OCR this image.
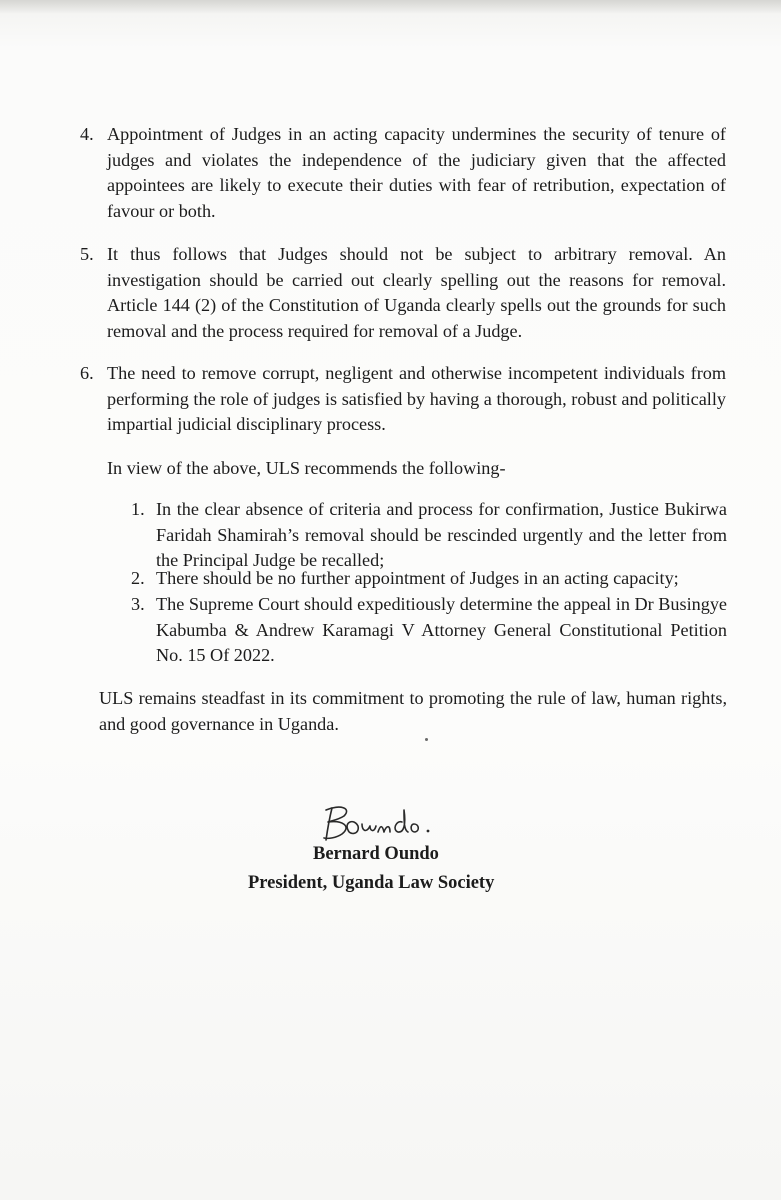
4. Appointment of Judges in an acting capacity undermines the security of tenure of judges and violates the independence of the judiciary given that the affected appointees are likely to execute their duties with fear of retribution, expectation of favour or both.
5. It thus follows that Judges should not be subject to arbitrary removal. An investigation should be carried out clearly spelling out the reasons for removal. Article 144 (2) of the Constitution of Uganda clearly spells out the grounds for such removal and the process required for removal of a Judge.
6. The need to remove corrupt, negligent and otherwise incompetent individuals from performing the role of judges is satisfied by having a thorough, robust and politically impartial judicial disciplinary process.
In view of the above, ULS recommends the following-
1. In the clear absence of criteria and process for confirmation, Justice Bukirwa Faridah Shamirah’s removal should be rescinded urgently and the letter from the Principal Judge be recalled;
2. There should be no further appointment of Judges in an acting capacity;
3. The Supreme Court should expeditiously determine the appeal in Dr Busingye Kabumba & Andrew Karamagi V Attorney General Constitutional Petition No. 15 Of 2022.
ULS remains steadfast in its commitment to promoting the rule of law, human rights, and good governance in Uganda.
Bernard Oundo
President, Uganda Law Society
